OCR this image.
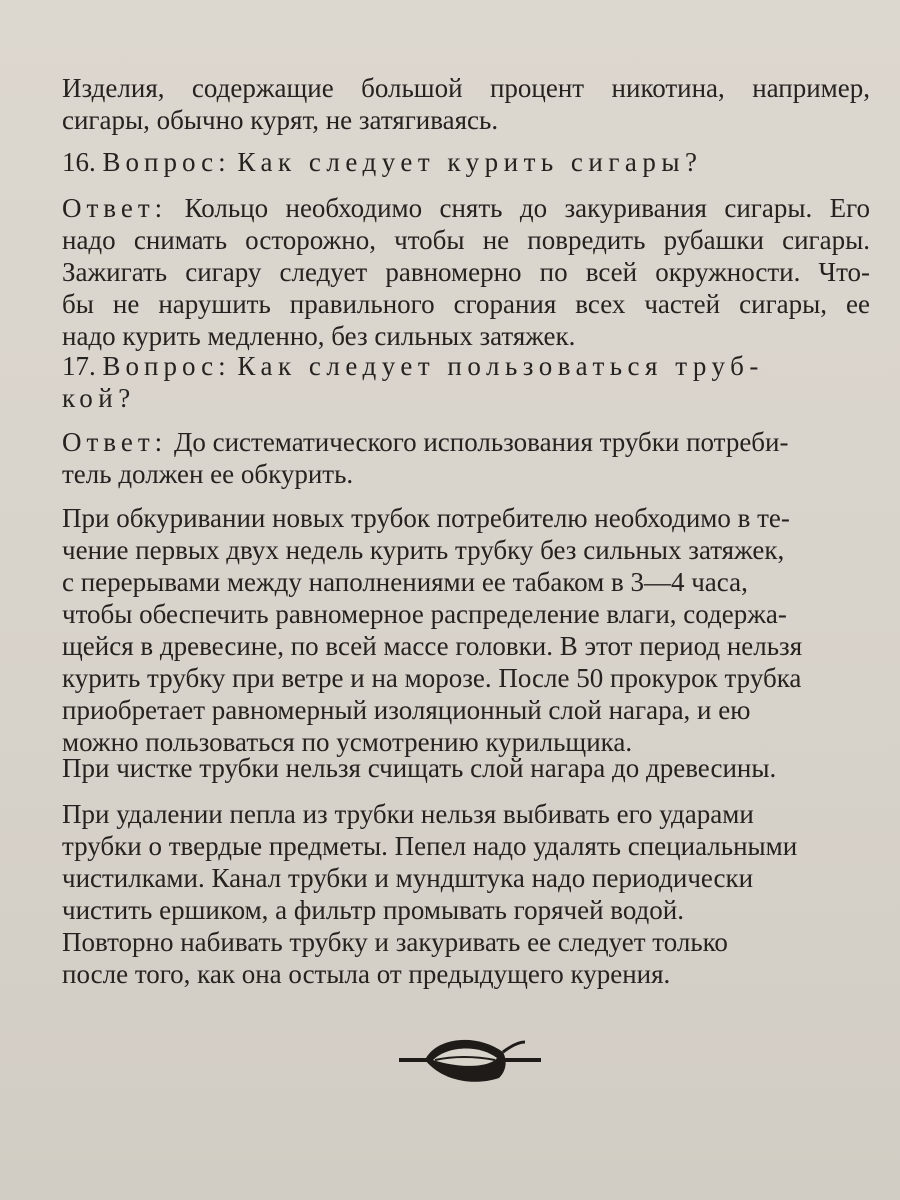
Изделия, содержащие большой процент никотина, например,
сигары, обычно курят, не затягиваясь.

16. Вопрос: Как следует курить сигары?

Ответ: Кольцо необходимо снять до закуривания сигары. Его
надо снимать осторожно, чтобы не повредить рубашки сигары.
Зажигать сигару следует равномерно по всей окружности. Что-
бы не нарушить правильного сгорания всех частей сигары, ее
надо курить медленно, без сильных затяжек.

17. Вопрос: Как следует пользоваться труб-
кой?

Ответ: До систематического использования трубки потреби-
тель должен ее обкурить.

При обкуривании новых трубок потребителю необходимо в те-
чение первых двух недель курить трубку без сильных затяжек,
с перерывами между наполнениями ее табаком в 3—4 часа,
чтобы обеспечить равномерное распределение влаги, содержа-
щейся в древесине, по всей массе головки. В этот период нельзя
курить трубку при ветре и на морозе. После 50 прокурок трубка
приобретает равномерный изоляционный слой нагара, и ею
можно пользоваться по усмотрению курильщика.

При чистке трубки нельзя счищать слой нагара до древесины.

При удалении пепла из трубки нельзя выбивать его ударами
трубки о твердые предметы. Пепел надо удалять специальными
чистилками. Канал трубки и мундштука надо периодически
чистить ершиком, а фильтр промывать горячей водой.

Повторно набивать трубку и закуривать ее следует только
после того, как она остыла от предыдущего курения.
